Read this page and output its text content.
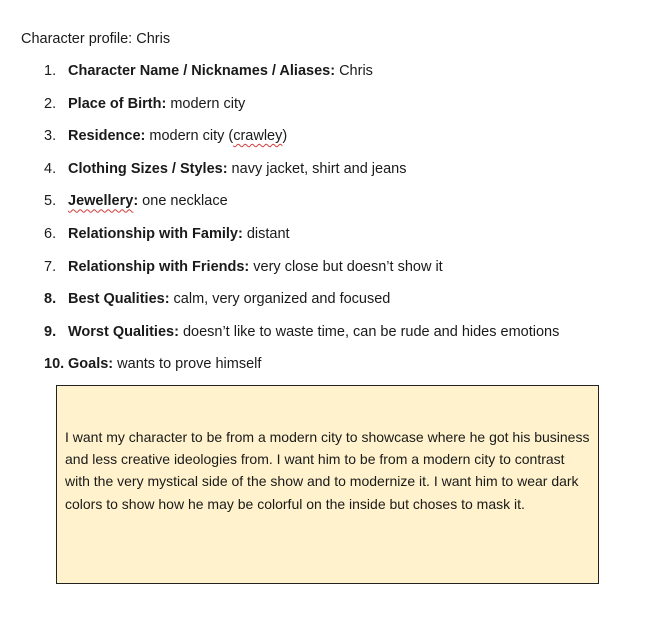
Character profile: Chris
1. Character Name / Nicknames / Aliases: Chris
2. Place of Birth: modern city
3. Residence: modern city (crawley)
4. Clothing Sizes / Styles: navy jacket, shirt and jeans
5. Jewellery: one necklace
6. Relationship with Family: distant
7. Relationship with Friends: very close but doesn’t show it
8. Best Qualities: calm, very organized and focused
9. Worst Qualities: doesn’t like to waste time, can be rude and hides emotions
10. Goals: wants to prove himself

I want my character to be from a modern city to showcase where he got his business and less creative ideologies from. I want him to be from a modern city to contrast with the very mystical side of the show and to modernize it. I want him to wear dark colors to show how he may be colorful on the inside but choses to mask it.
